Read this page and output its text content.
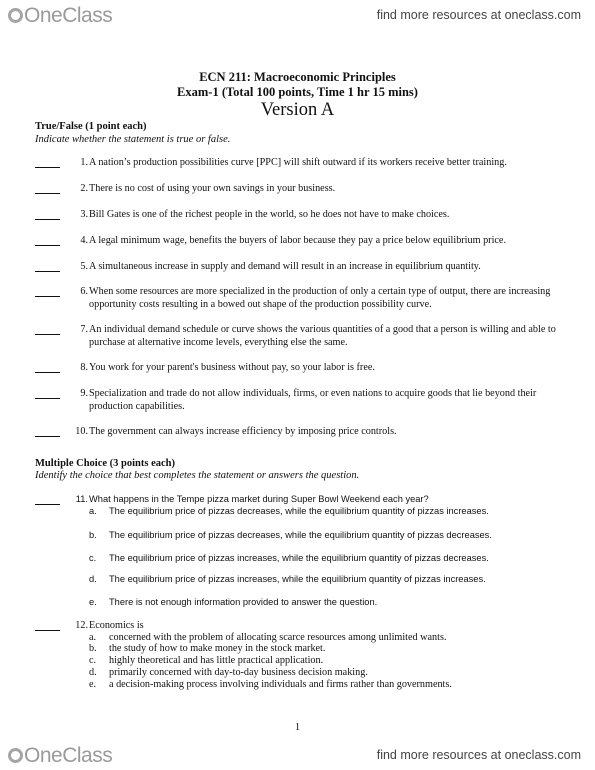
OneClass	find more resources at oneclass.com
ECN 211: Macroeconomic Principles
Exam-1 (Total 100 points, Time 1 hr 15 mins)
Version A
True/False (1 point each)
Indicate whether the statement is true or false.
1. A nation’s production possibilities curve [PPC] will shift outward if its workers receive better training.
2. There is no cost of using your own savings in your business.
3. Bill Gates is one of the richest people in the world, so he does not have to make choices.
4. A legal minimum wage, benefits the buyers of labor because they pay a price below equilibrium price.
5. A simultaneous increase in supply and demand will result in an increase in equilibrium quantity.
6. When some resources are more specialized in the production of only a certain type of output, there are increasing opportunity costs resulting in a bowed out shape of the production possibility curve.
7. An individual demand schedule or curve shows the various quantities of a good that a person is willing and able to purchase at alternative income levels, everything else the same.
8. You work for your parent's business without pay, so your labor is free.
9. Specialization and trade do not allow individuals, firms, or even nations to acquire goods that lie beyond their production capabilities.
10. The government can always increase efficiency by imposing price controls.
Multiple Choice (3 points each)
Identify the choice that best completes the statement or answers the question.
11. What happens in the Tempe pizza market during Super Bowl Weekend each year?
a. The equilibrium price of pizzas decreases, while the equilibrium quantity of pizzas increases.
b. The equilibrium price of pizzas decreases, while the equilibrium quantity of pizzas decreases.
c. The equilibrium price of pizzas increases, while the equilibrium quantity of pizzas decreases.
d. The equilibrium price of pizzas increases, while the equilibrium quantity of pizzas increases.
e. There is not enough information provided to answer the question.
12. Economics is
a. concerned with the problem of allocating scarce resources among unlimited wants.
b. the study of how to make money in the stock market.
c. highly theoretical and has little practical application.
d. primarily concerned with day-to-day business decision making.
e. a decision-making process involving individuals and firms rather than governments.
1
OneClass	find more resources at oneclass.com
